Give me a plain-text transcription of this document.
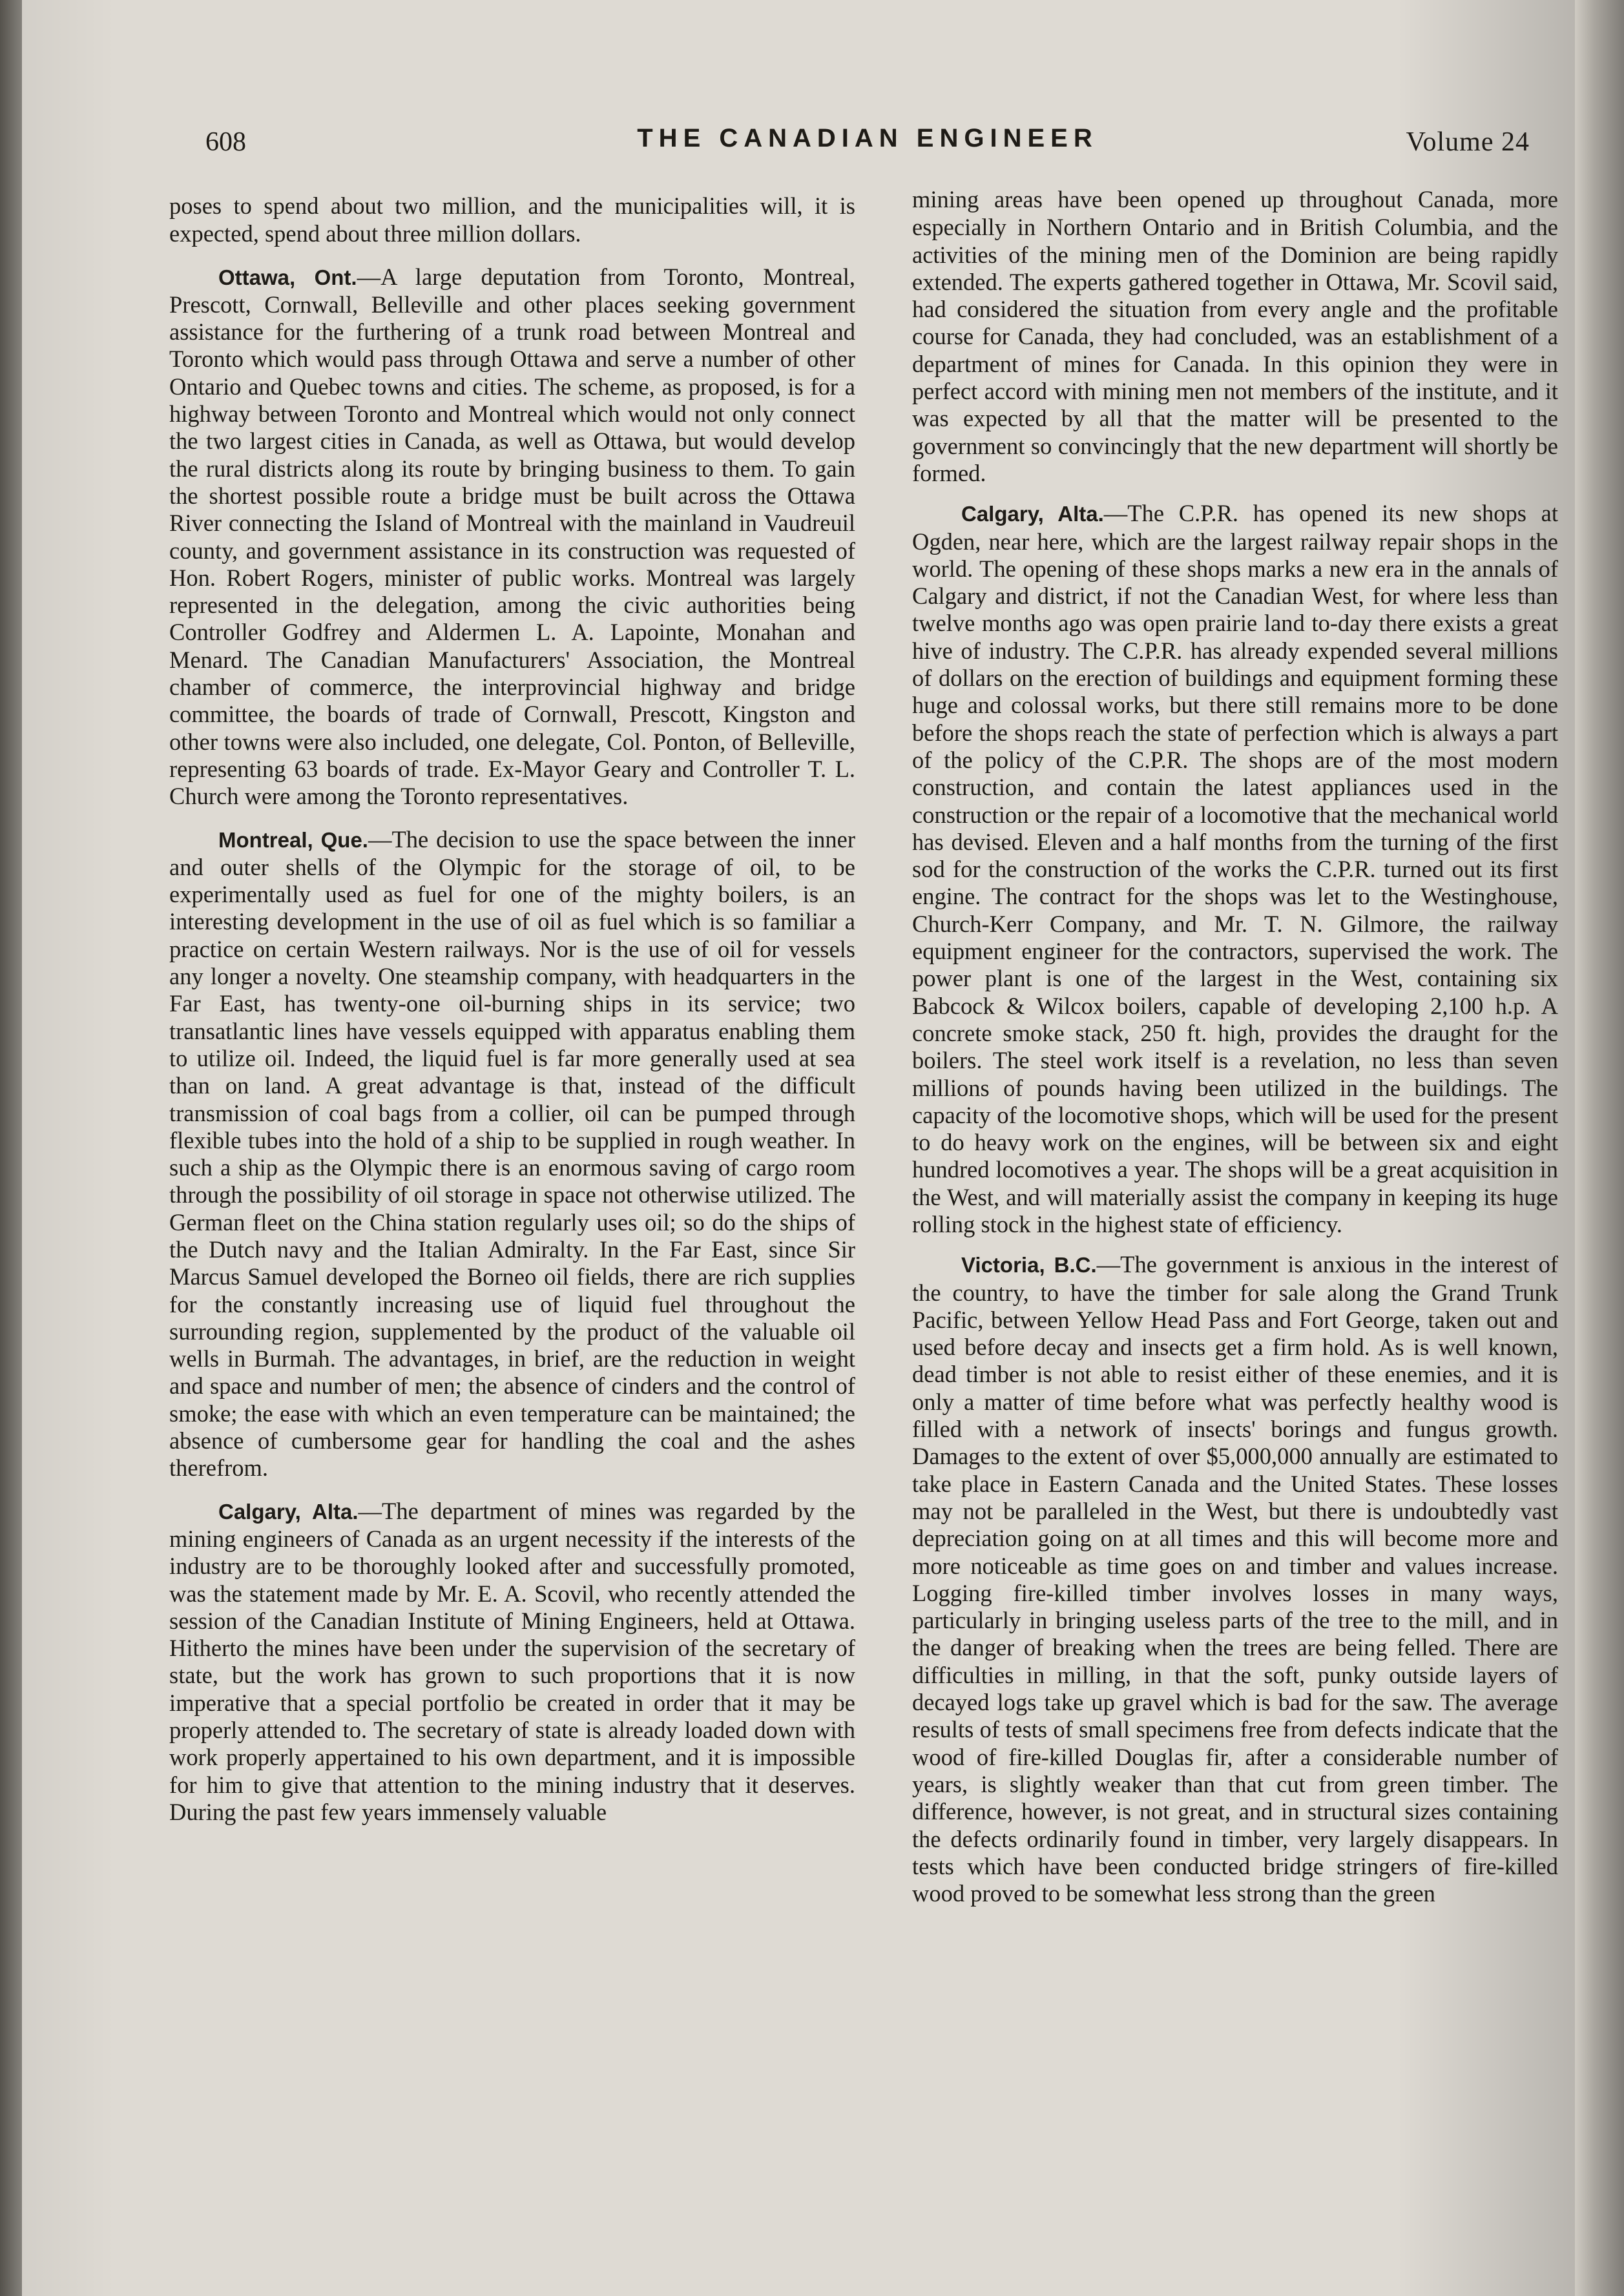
608	THE CANADIAN ENGINEER	Volume 24

poses to spend about two million, and the municipalities will, it is expected, spend about three million dollars.

Ottawa, Ont.—A large deputation from Toronto, Montreal, Prescott, Cornwall, Belleville and other places seeking government assistance for the furthering of a trunk road between Montreal and Toronto which would pass through Ottawa and serve a number of other Ontario and Quebec towns and cities. The scheme, as proposed, is for a highway between Toronto and Montreal which would not only connect the two largest cities in Canada, as well as Ottawa, but would develop the rural districts along its route by bringing business to them. To gain the shortest possible route a bridge must be built across the Ottawa River connecting the Island of Montreal with the mainland in Vaudreuil county, and government assistance in its construction was requested of Hon. Robert Rogers, minister of public works. Montreal was largely represented in the delegation, among the civic authorities being Controller Godfrey and Aldermen L. A. Lapointe, Monahan and Menard. The Canadian Manufacturers' Association, the Montreal chamber of commerce, the interprovincial highway and bridge committee, the boards of trade of Cornwall, Prescott, Kingston and other towns were also included, one delegate, Col. Ponton, of Belleville, representing 63 boards of trade. Ex-Mayor Geary and Controller T. L. Church were among the Toronto representatives.

Montreal, Que.—The decision to use the space between the inner and outer shells of the Olympic for the storage of oil, to be experimentally used as fuel for one of the mighty boilers, is an interesting development in the use of oil as fuel which is so familiar a practice on certain Western railways. Nor is the use of oil for vessels any longer a novelty. One steamship company, with headquarters in the Far East, has twenty-one oil-burning ships in its service; two transatlantic lines have vessels equipped with apparatus enabling them to utilize oil. Indeed, the liquid fuel is far more generally used at sea than on land. A great advantage is that, instead of the difficult transmission of coal bags from a collier, oil can be pumped through flexible tubes into the hold of a ship to be supplied in rough weather. In such a ship as the Olympic there is an enormous saving of cargo room through the possibility of oil storage in space not otherwise utilized. The German fleet on the China station regularly uses oil; so do the ships of the Dutch navy and the Italian Admiralty. In the Far East, since Sir Marcus Samuel developed the Borneo oil fields, there are rich supplies for the constantly increasing use of liquid fuel throughout the surrounding region, supplemented by the product of the valuable oil wells in Burmah. The advantages, in brief, are the reduction in weight and space and number of men; the absence of cinders and the control of smoke; the ease with which an even temperature can be maintained; the absence of cumbersome gear for handling the coal and the ashes therefrom.

Calgary, Alta.—The department of mines was regarded by the mining engineers of Canada as an urgent necessity if the interests of the industry are to be thoroughly looked after and successfully promoted, was the statement made by Mr. E. A. Scovil, who recently attended the session of the Canadian Institute of Mining Engineers, held at Ottawa. Hitherto the mines have been under the supervision of the secretary of state, but the work has grown to such proportions that it is now imperative that a special portfolio be created in order that it may be properly attended to. The secretary of state is already loaded down with work properly appertained to his own department, and it is impossible for him to give that attention to the mining industry that it deserves. During the past few years immensely valuable

mining areas have been opened up throughout Canada, more especially in Northern Ontario and in British Columbia, and the activities of the mining men of the Dominion are being rapidly extended. The experts gathered together in Ottawa, Mr. Scovil said, had considered the situation from every angle and the profitable course for Canada, they had concluded, was an establishment of a department of mines for Canada. In this opinion they were in perfect accord with mining men not members of the institute, and it was expected by all that the matter will be presented to the government so convincingly that the new department will shortly be formed.

Calgary, Alta.—The C.P.R. has opened its new shops at Ogden, near here, which are the largest railway repair shops in the world. The opening of these shops marks a new era in the annals of Calgary and district, if not the Canadian West, for where less than twelve months ago was open prairie land to-day there exists a great hive of industry. The C.P.R. has already expended several millions of dollars on the erection of buildings and equipment forming these huge and colossal works, but there still remains more to be done before the shops reach the state of perfection which is always a part of the policy of the C.P.R. The shops are of the most modern construction, and contain the latest appliances used in the construction or the repair of a locomotive that the mechanical world has devised. Eleven and a half months from the turning of the first sod for the construction of the works the C.P.R. turned out its first engine. The contract for the shops was let to the Westinghouse, Church-Kerr Company, and Mr. T. N. Gilmore, the railway equipment engineer for the contractors, supervised the work. The power plant is one of the largest in the West, containing six Babcock & Wilcox boilers, capable of developing 2,100 h.p. A concrete smoke stack, 250 ft. high, provides the draught for the boilers. The steel work itself is a revelation, no less than seven millions of pounds having been utilized in the buildings. The capacity of the locomotive shops, which will be used for the present to do heavy work on the engines, will be between six and eight hundred locomotives a year. The shops will be a great acquisition in the West, and will materially assist the company in keeping its huge rolling stock in the highest state of efficiency.

Victoria, B.C.—The government is anxious in the interest of the country, to have the timber for sale along the Grand Trunk Pacific, between Yellow Head Pass and Fort George, taken out and used before decay and insects get a firm hold. As is well known, dead timber is not able to resist either of these enemies, and it is only a matter of time before what was perfectly healthy wood is filled with a network of insects' borings and fungus growth. Damages to the extent of over $5,000,000 annually are estimated to take place in Eastern Canada and the United States. These losses may not be paralleled in the West, but there is undoubtedly vast depreciation going on at all times and this will become more and more noticeable as time goes on and timber and values increase. Logging fire-killed timber involves losses in many ways, particularly in bringing useless parts of the tree to the mill, and in the danger of breaking when the trees are being felled. There are difficulties in milling, in that the soft, punky outside layers of decayed logs take up gravel which is bad for the saw. The average results of tests of small specimens free from defects indicate that the wood of fire-killed Douglas fir, after a considerable number of years, is slightly weaker than that cut from green timber. The difference, however, is not great, and in structural sizes containing the defects ordinarily found in timber, very largely disappears. In tests which have been conducted bridge stringers of fire-killed wood proved to be somewhat less strong than the green
